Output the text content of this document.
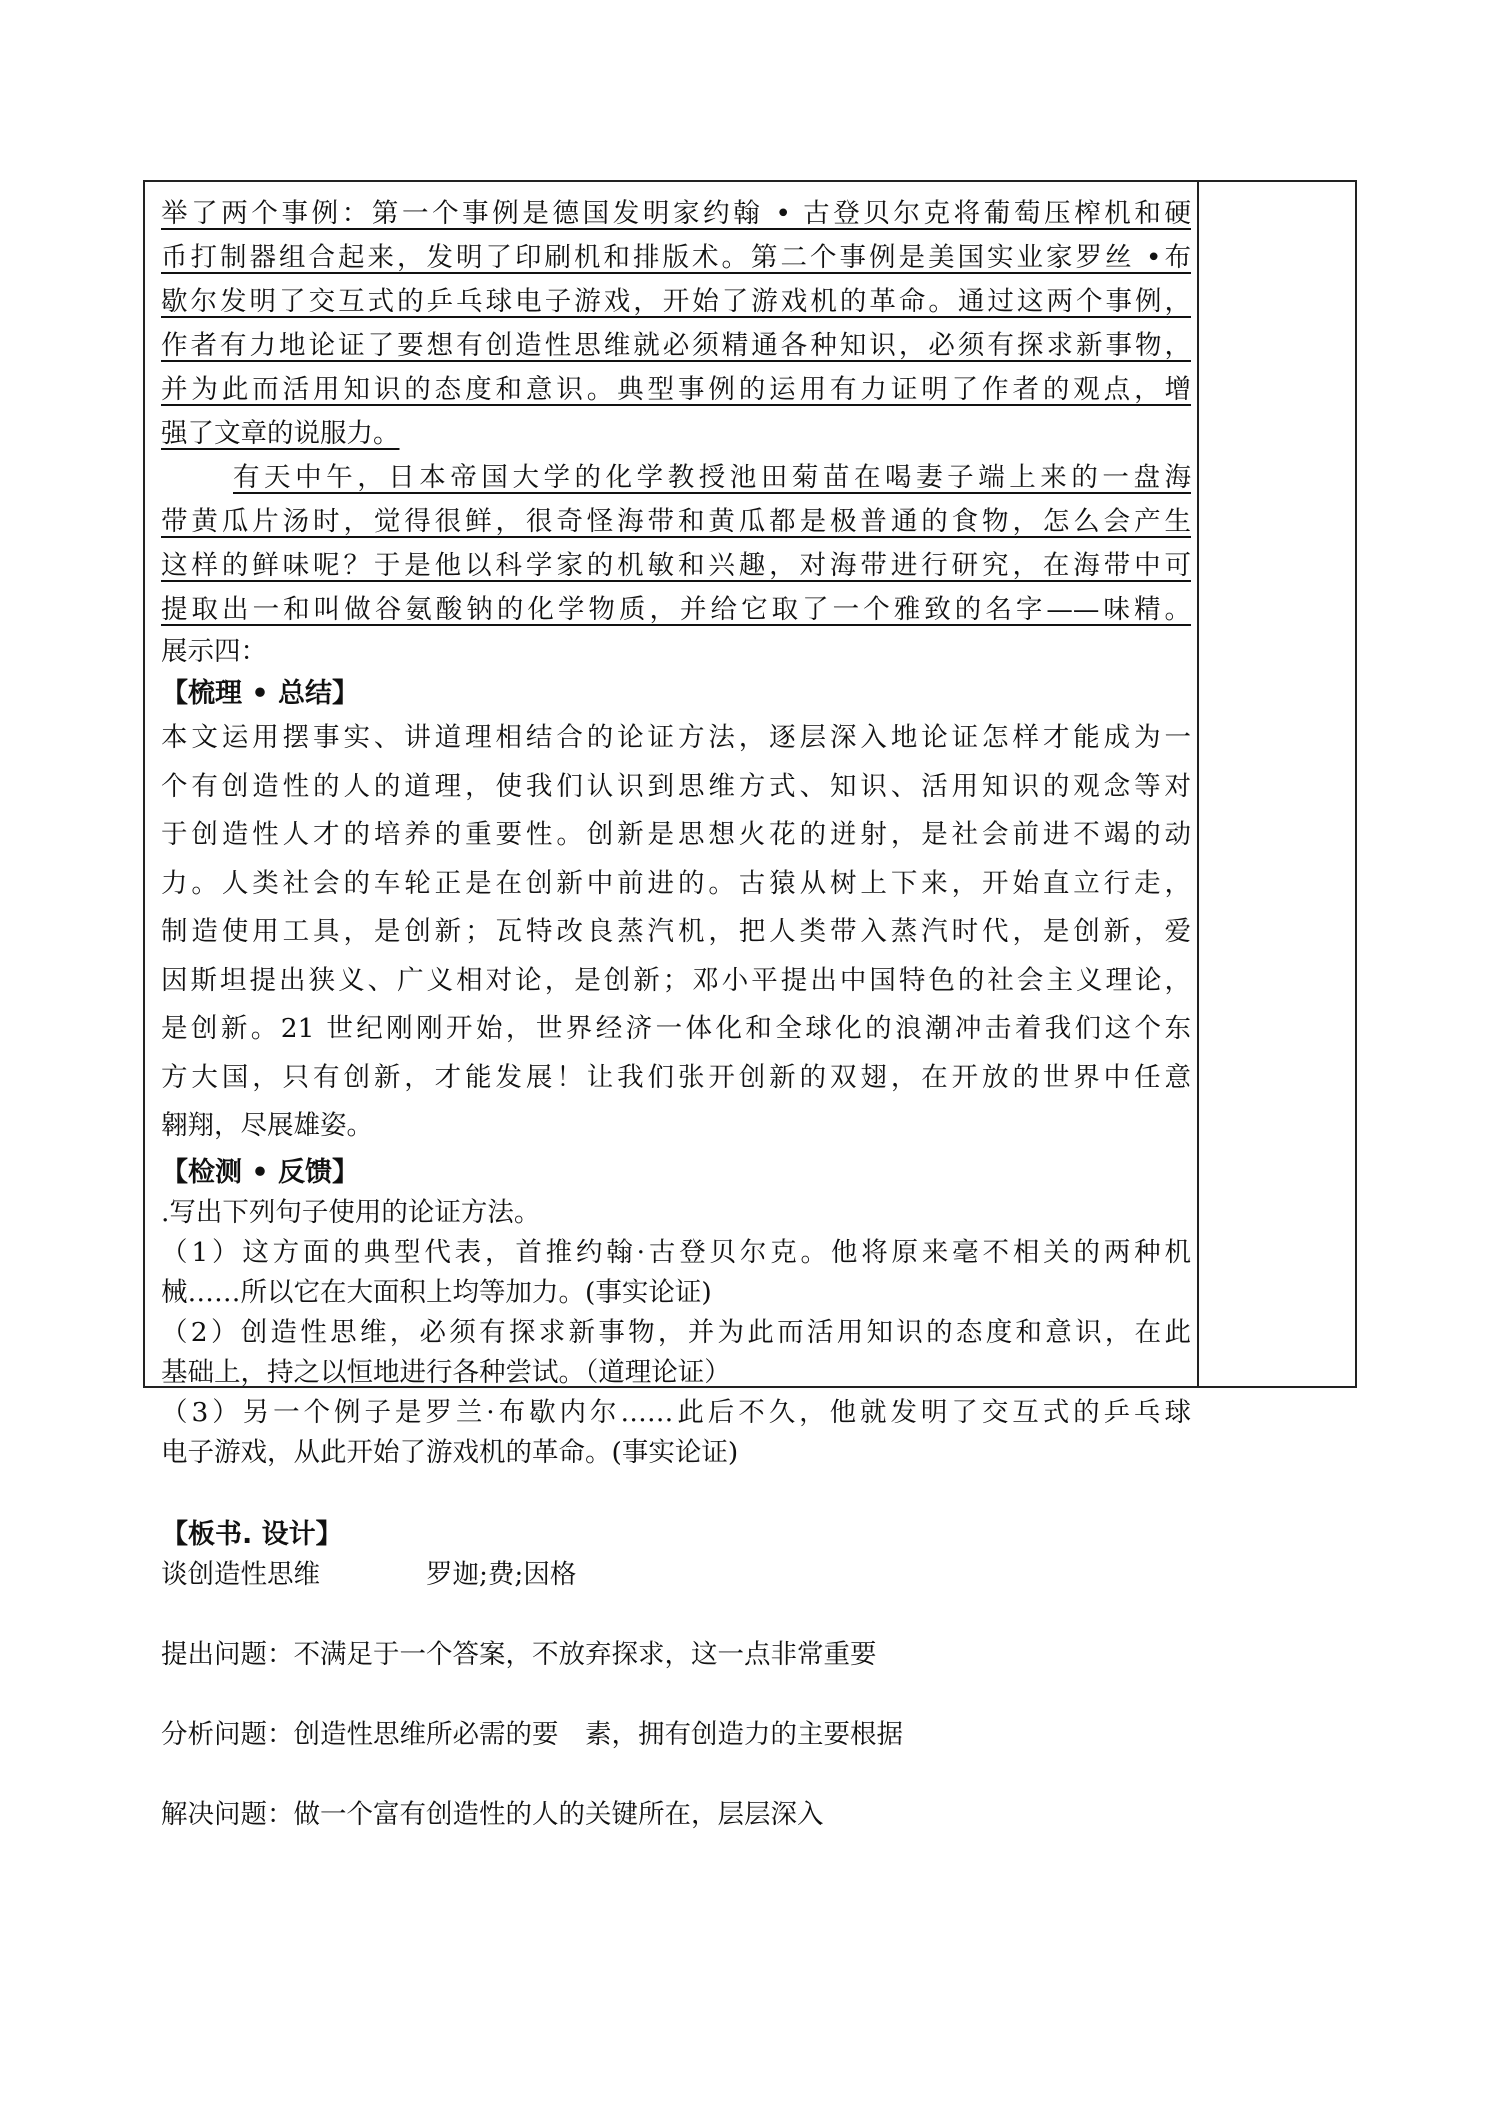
举了两个事例：第一个事例是德国发明家约翰 • 古登贝尔克将葡萄压榨机和硬
币打制器组合起来，发明了印刷机和排版术。第二个事例是美国实业家罗丝 •布
歇尔发明了交互式的乒乓球电子游戏，开始了游戏机的革命。通过这两个事例，
作者有力地论证了要想有创造性思维就必须精通各种知识，必须有探求新事物，
并为此而活用知识的态度和意识。典型事例的运用有力证明了作者的观点，增
强了文章的说服力。
有天中午，日本帝国大学的化学教授池田菊苗在喝妻子端上来的一盘海
带黄瓜片汤时，觉得很鲜，很奇怪海带和黄瓜都是极普通的食物，怎么会产生
这样的鲜味呢？于是他以科学家的机敏和兴趣，对海带进行研究，在海带中可
提取出一和叫做谷氨酸钠的化学物质，并给它取了一个雅致的名字——味精。
展示四：
【梳理 • 总结】
本文运用摆事实、讲道理相结合的论证方法，逐层深入地论证怎样才能成为一
个有创造性的人的道理，使我们认识到思维方式、知识、活用知识的观念等对
于创造性人才的培养的重要性。创新是思想火花的迸射，是社会前进不竭的动
力。人类社会的车轮正是在创新中前进的。古猿从树上下来，开始直立行走，
制造使用工具，是创新；瓦特改良蒸汽机，把人类带入蒸汽时代，是创新，爱
因斯坦提出狭义、广义相对论，是创新；邓小平提出中国特色的社会主义理论，
是创新。21 世纪刚刚开始，世界经济一体化和全球化的浪潮冲击着我们这个东
方大国，只有创新，才能发展！让我们张开创新的双翅，在开放的世界中任意
翱翔，尽展雄姿。
【检测 • 反馈】
.写出下列句子使用的论证方法。
（1）这方面的典型代表，首推约翰·古登贝尔克。他将原来毫不相关的两种机
械……所以它在大面积上均等加力。(事实论证)
（2）创造性思维，必须有探求新事物，并为此而活用知识的态度和意识，在此
基础上，持之以恒地进行各种尝试。（道理论证）
（3）另一个例子是罗兰·布歇内尔……此后不久，他就发明了交互式的乒乓球
电子游戏，从此开始了游戏机的革命。(事实论证)
【板书. 设计】
谈创造性思维	罗迦;费;因格
提出问题：不满足于一个答案，不放弃探求，这一点非常重要
分析问题：创造性思维所必需的要　素，拥有创造力的主要根据
解决问题：做一个富有创造性的人的关键所在，层层深入
